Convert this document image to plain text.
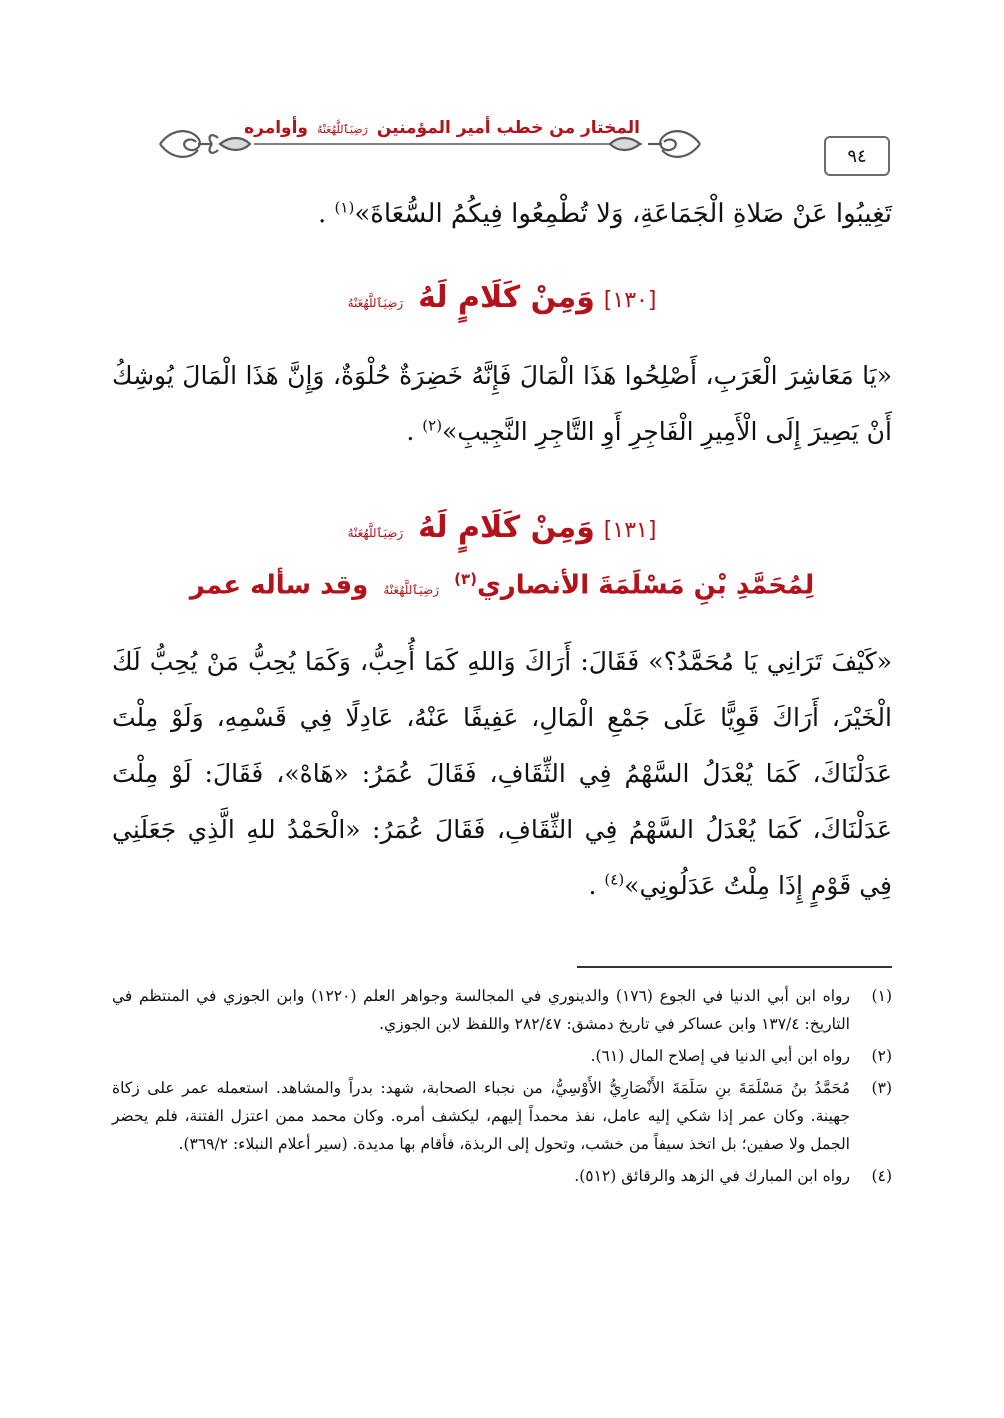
المختار من خطب أمير المؤمنين رَضِيَٱللَّهُعَنْهُ وأوامره
٩٤
تَغِيبُوا عَنْ صَلاةِ الْجَمَاعَةِ، وَلا تُطْمِعُوا فِيكُمُ السُّعَاةَ»$^{(١)}$ .
[١٣٠] وَمِنْ كَلَامٍ لَهُ رَضِيَٱللَّهُعَنْهُ
«يَا مَعَاشِرَ الْعَرَبِ، أَصْلِحُوا هَذَا الْمَالَ فَإِنَّهُ خَضِرَةٌ حُلْوَةٌ، وَإِنَّ هَذَا الْمَالَ يُوشِكُ أَنْ يَصِيرَ إِلَى الْأَمِيرِ الْفَاجِرِ أَوِ التَّاجِرِ النَّجِيبِ»$^{(٢)}$ .
[١٣١] وَمِنْ كَلَامٍ لَهُ رَضِيَٱللَّهُعَنْهُ
لِمُحَمَّدِ بْنِ مَسْلَمَةَ الأنصاري$^{(٣)}$ رَضِيَٱللَّهُعَنْهُ وقد سأله عمر
«كَيْفَ تَرَانِي يَا مُحَمَّدُ؟» فَقَالَ: أَرَاكَ وَاللهِ كَمَا أُحِبُّ، وَكَمَا يُحِبُّ مَنْ يُحِبُّ لَكَ الْخَيْرَ، أَرَاكَ قَوِيًّا عَلَى جَمْعِ الْمَالِ، عَفِيفًا عَنْهُ، عَادِلًا فِي قَسْمِهِ، وَلَوْ مِلْتَ عَدَلْنَاكَ، كَمَا يُعْدَلُ السَّهْمُ فِي الثِّقَافِ، فَقَالَ عُمَرُ: «هَاهْ»، فَقَالَ: لَوْ مِلْتَ عَدَلْنَاكَ، كَمَا يُعْدَلُ السَّهْمُ فِي الثِّقَافِ، فَقَالَ عُمَرُ: «الْحَمْدُ للهِ الَّذِي جَعَلَنِي فِي قَوْمٍ إِذَا مِلْتُ عَدَلُونِي»$^{(٤)}$ .
(١)
رواه ابن أبي الدنيا في الجوع (١٧٦) والدينوري في المجالسة وجواهر العلم (١٢٢٠) وابن الجوزي في المنتظم في التاريخ: ١٣٧/٤ وابن عساكر في تاريخ دمشق: ٢٨٢/٤٧ واللفظ لابن الجوزي.
(٢)
رواه ابن أبي الدنيا في إصلاح المال (٦١).
(٣)
مُحَمَّدُ بنُ مَسْلَمَةَ بنِ سَلَمَةَ الأَنْصَارِيُّ الأَوْسِيُّ، من نجباء الصحابة، شهد: بدراً والمشاهد. استعمله عمر على زكاة جهينة. وكان عمر إذا شكي إليه عامل، نفذ محمداً إليهم، ليكشف أمره. وكان محمد ممن اعتزل الفتنة، فلم يحضر الجمل ولا صفين؛ بل اتخذ سيفاً من خشب، وتحول إلى الربذة، فأقام بها مديدة. (سير أعلام النبلاء: ٣٦٩/٢).
(٤)
رواه ابن المبارك في الزهد والرقائق (٥١٢).
